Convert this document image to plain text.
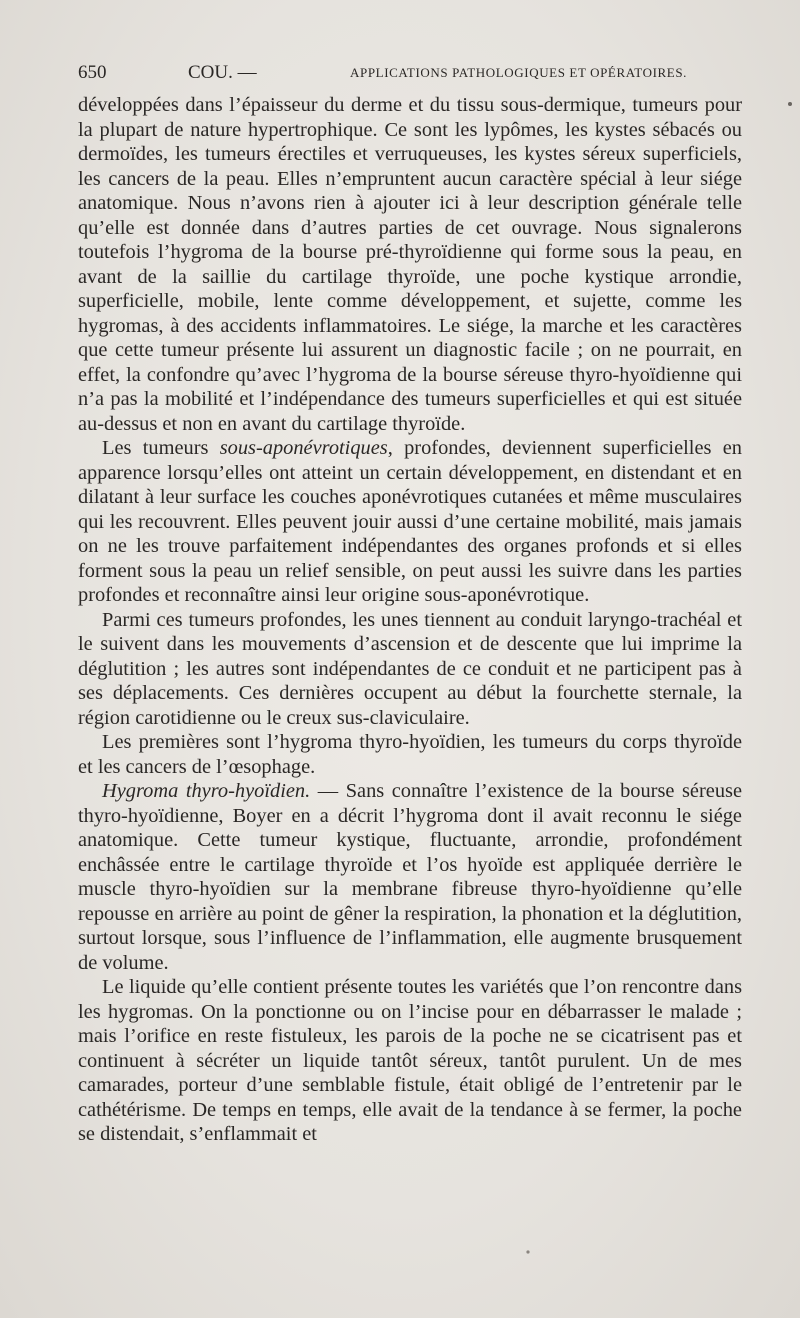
650	COU. —	APPLICATIONS PATHOLOGIQUES ET OPÉRATOIRES.

développées dans l’épaisseur du derme et du tissu sous-dermique, tumeurs pour la plupart de nature hypertrophique. Ce sont les lypômes, les kystes sébacés ou dermoïdes, les tumeurs érectiles et verruqueuses, les kystes séreux superficiels, les cancers de la peau. Elles n’empruntent aucun caractère spécial à leur siége anatomique. Nous n’avons rien à ajouter ici à leur description générale telle qu’elle est donnée dans d’autres parties de cet ouvrage. Nous signalerons toutefois l’hygroma de la bourse pré-thyroïdienne qui forme sous la peau, en avant de la saillie du cartilage thyroïde, une poche kystique arrondie, superficielle, mobile, lente comme développement, et sujette, comme les hygromas, à des accidents inflammatoires. Le siége, la marche et les caractères que cette tumeur présente lui assurent un diagnostic facile ; on ne pourrait, en effet, la confondre qu’avec l’hygroma de la bourse séreuse thyro-hyoïdienne qui n’a pas la mobilité et l’indépendance des tumeurs superficielles et qui est située au-dessus et non en avant du cartilage thyroïde.

Les tumeurs sous-aponévrotiques, profondes, deviennent superficielles en apparence lorsqu’elles ont atteint un certain développement, en distendant et en dilatant à leur surface les couches aponévrotiques cutanées et même musculaires qui les recouvrent. Elles peuvent jouir aussi d’une certaine mobilité, mais jamais on ne les trouve parfaitement indépendantes des organes profonds et si elles forment sous la peau un relief sensible, on peut aussi les suivre dans les parties profondes et reconnaître ainsi leur origine sous-aponévrotique.

Parmi ces tumeurs profondes, les unes tiennent au conduit laryngo-trachéal et le suivent dans les mouvements d’ascension et de descente que lui imprime la déglutition ; les autres sont indépendantes de ce conduit et ne participent pas à ses déplacements. Ces dernières occupent au début la fourchette sternale, la région carotidienne ou le creux sus-claviculaire.

Les premières sont l’hygroma thyro-hyoïdien, les tumeurs du corps thyroïde et les cancers de l’œsophage.

Hygroma thyro-hyoïdien. — Sans connaître l’existence de la bourse séreuse thyro-hyoïdienne, Boyer en a décrit l’hygroma dont il avait reconnu le siége anatomique. Cette tumeur kystique, fluctuante, arrondie, profondément enchâssée entre le cartilage thyroïde et l’os hyoïde est appliquée derrière le muscle thyro-hyoïdien sur la membrane fibreuse thyro-hyoïdienne qu’elle repousse en arrière au point de gêner la respiration, la phonation et la déglutition, surtout lorsque, sous l’influence de l’inflammation, elle augmente brusquement de volume.

Le liquide qu’elle contient présente toutes les variétés que l’on rencontre dans les hygromas. On la ponctionne ou on l’incise pour en débarrasser le malade ; mais l’orifice en reste fistuleux, les parois de la poche ne se cicatrisent pas et continuent à sécréter un liquide tantôt séreux, tantôt purulent. Un de mes camarades, porteur d’une semblable fistule, était obligé de l’entretenir par le cathétérisme. De temps en temps, elle avait de la tendance à se fermer, la poche se distendait, s’enflammait et
